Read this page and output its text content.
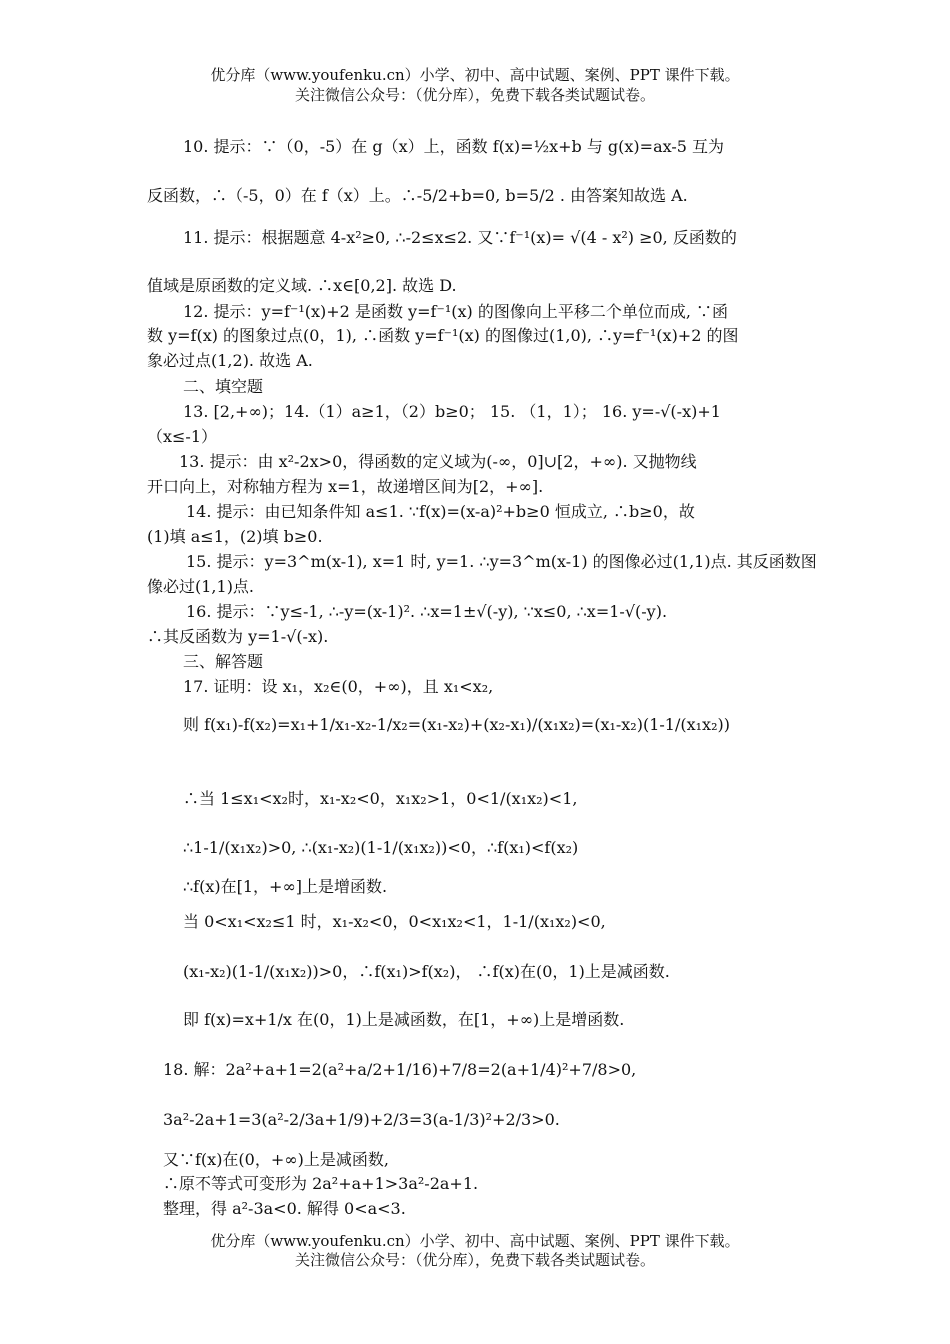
优分库（www.youfenku.cn）小学、初中、高中试题、案例、PPT 课件下载。
关注微信公众号：（优分库），免费下载各类试题试卷。
10. 提示：∵（0，-5）在 g（x）上，函数 f(x)=½x+b 与 g(x)=ax-5 互为
反函数，∴（-5，0）在 f（x）上。∴-5/2+b=0, b=5/2 . 由答案知故选 A.
11. 提示：根据题意 4-x²≥0, ∴-2≤x≤2. 又∵f⁻¹(x)= √(4 - x²) ≥0, 反函数的
值域是原函数的定义域. ∴x∈[0,2]. 故选 D.
12. 提示：y=f⁻¹(x)+2 是函数 y=f⁻¹(x) 的图像向上平移二个单位而成, ∵函
数 y=f(x) 的图象过点(0，1), ∴函数 y=f⁻¹(x) 的图像过(1,0), ∴y=f⁻¹(x)+2 的图
象必过点(1,2). 故选 A.
二、填空题
13. [2,+∞)；14.（1）a≥1，（2）b≥0； 15. （1，1）； 16. y=-√(-x)+1
（x≤-1）
13. 提示：由 x²-2x>0，得函数的定义域为(-∞，0]∪[2，+∞). 又抛物线
开口向上，对称轴方程为 x=1，故递增区间为[2，+∞].
14. 提示：由已知条件知 a≤1. ∵f(x)=(x-a)²+b≥0 恒成立, ∴b≥0，故
(1)填 a≤1，(2)填 b≥0.
15. 提示：y=3^m(x-1), x=1 时, y=1. ∴y=3^m(x-1) 的图像必过(1,1)点. 其反函数图
像必过(1,1)点.
16. 提示：∵y≤-1, ∴-y=(x-1)². ∴x=1±√(-y), ∵x≤0, ∴x=1-√(-y).
∴其反函数为 y=1-√(-x).
三、解答题
17. 证明：设 x₁，x₂∈(0，+∞)，且 x₁<x₂,
则 f(x₁)-f(x₂)=x₁+1/x₁-x₂-1/x₂=(x₁-x₂)+(x₂-x₁)/(x₁x₂)=(x₁-x₂)(1-1/(x₁x₂))
∴当 1≤x₁<x₂时，x₁-x₂<0，x₁x₂>1，0<1/(x₁x₂)<1,
∴1-1/(x₁x₂)>0, ∴(x₁-x₂)(1-1/(x₁x₂))<0，∴f(x₁)<f(x₂)
∴f(x)在[1，+∞]上是增函数.
当 0<x₁<x₂≤1 时，x₁-x₂<0，0<x₁x₂<1，1-1/(x₁x₂)<0,
(x₁-x₂)(1-1/(x₁x₂))>0，∴f(x₁)>f(x₂)， ∴f(x)在(0，1)上是减函数.
即 f(x)=x+1/x 在(0，1)上是减函数，在[1，+∞)上是增函数.
18. 解：2a²+a+1=2(a²+a/2+1/16)+7/8=2(a+1/4)²+7/8>0,
3a²-2a+1=3(a²-2/3a+1/9)+2/3=3(a-1/3)²+2/3>0.
又∵f(x)在(0，+∞)上是减函数,
∴原不等式可变形为 2a²+a+1>3a²-2a+1.
整理，得 a²-3a<0. 解得 0<a<3.
优分库（www.youfenku.cn）小学、初中、高中试题、案例、PPT 课件下载。
关注微信公众号：（优分库），免费下载各类试题试卷。
